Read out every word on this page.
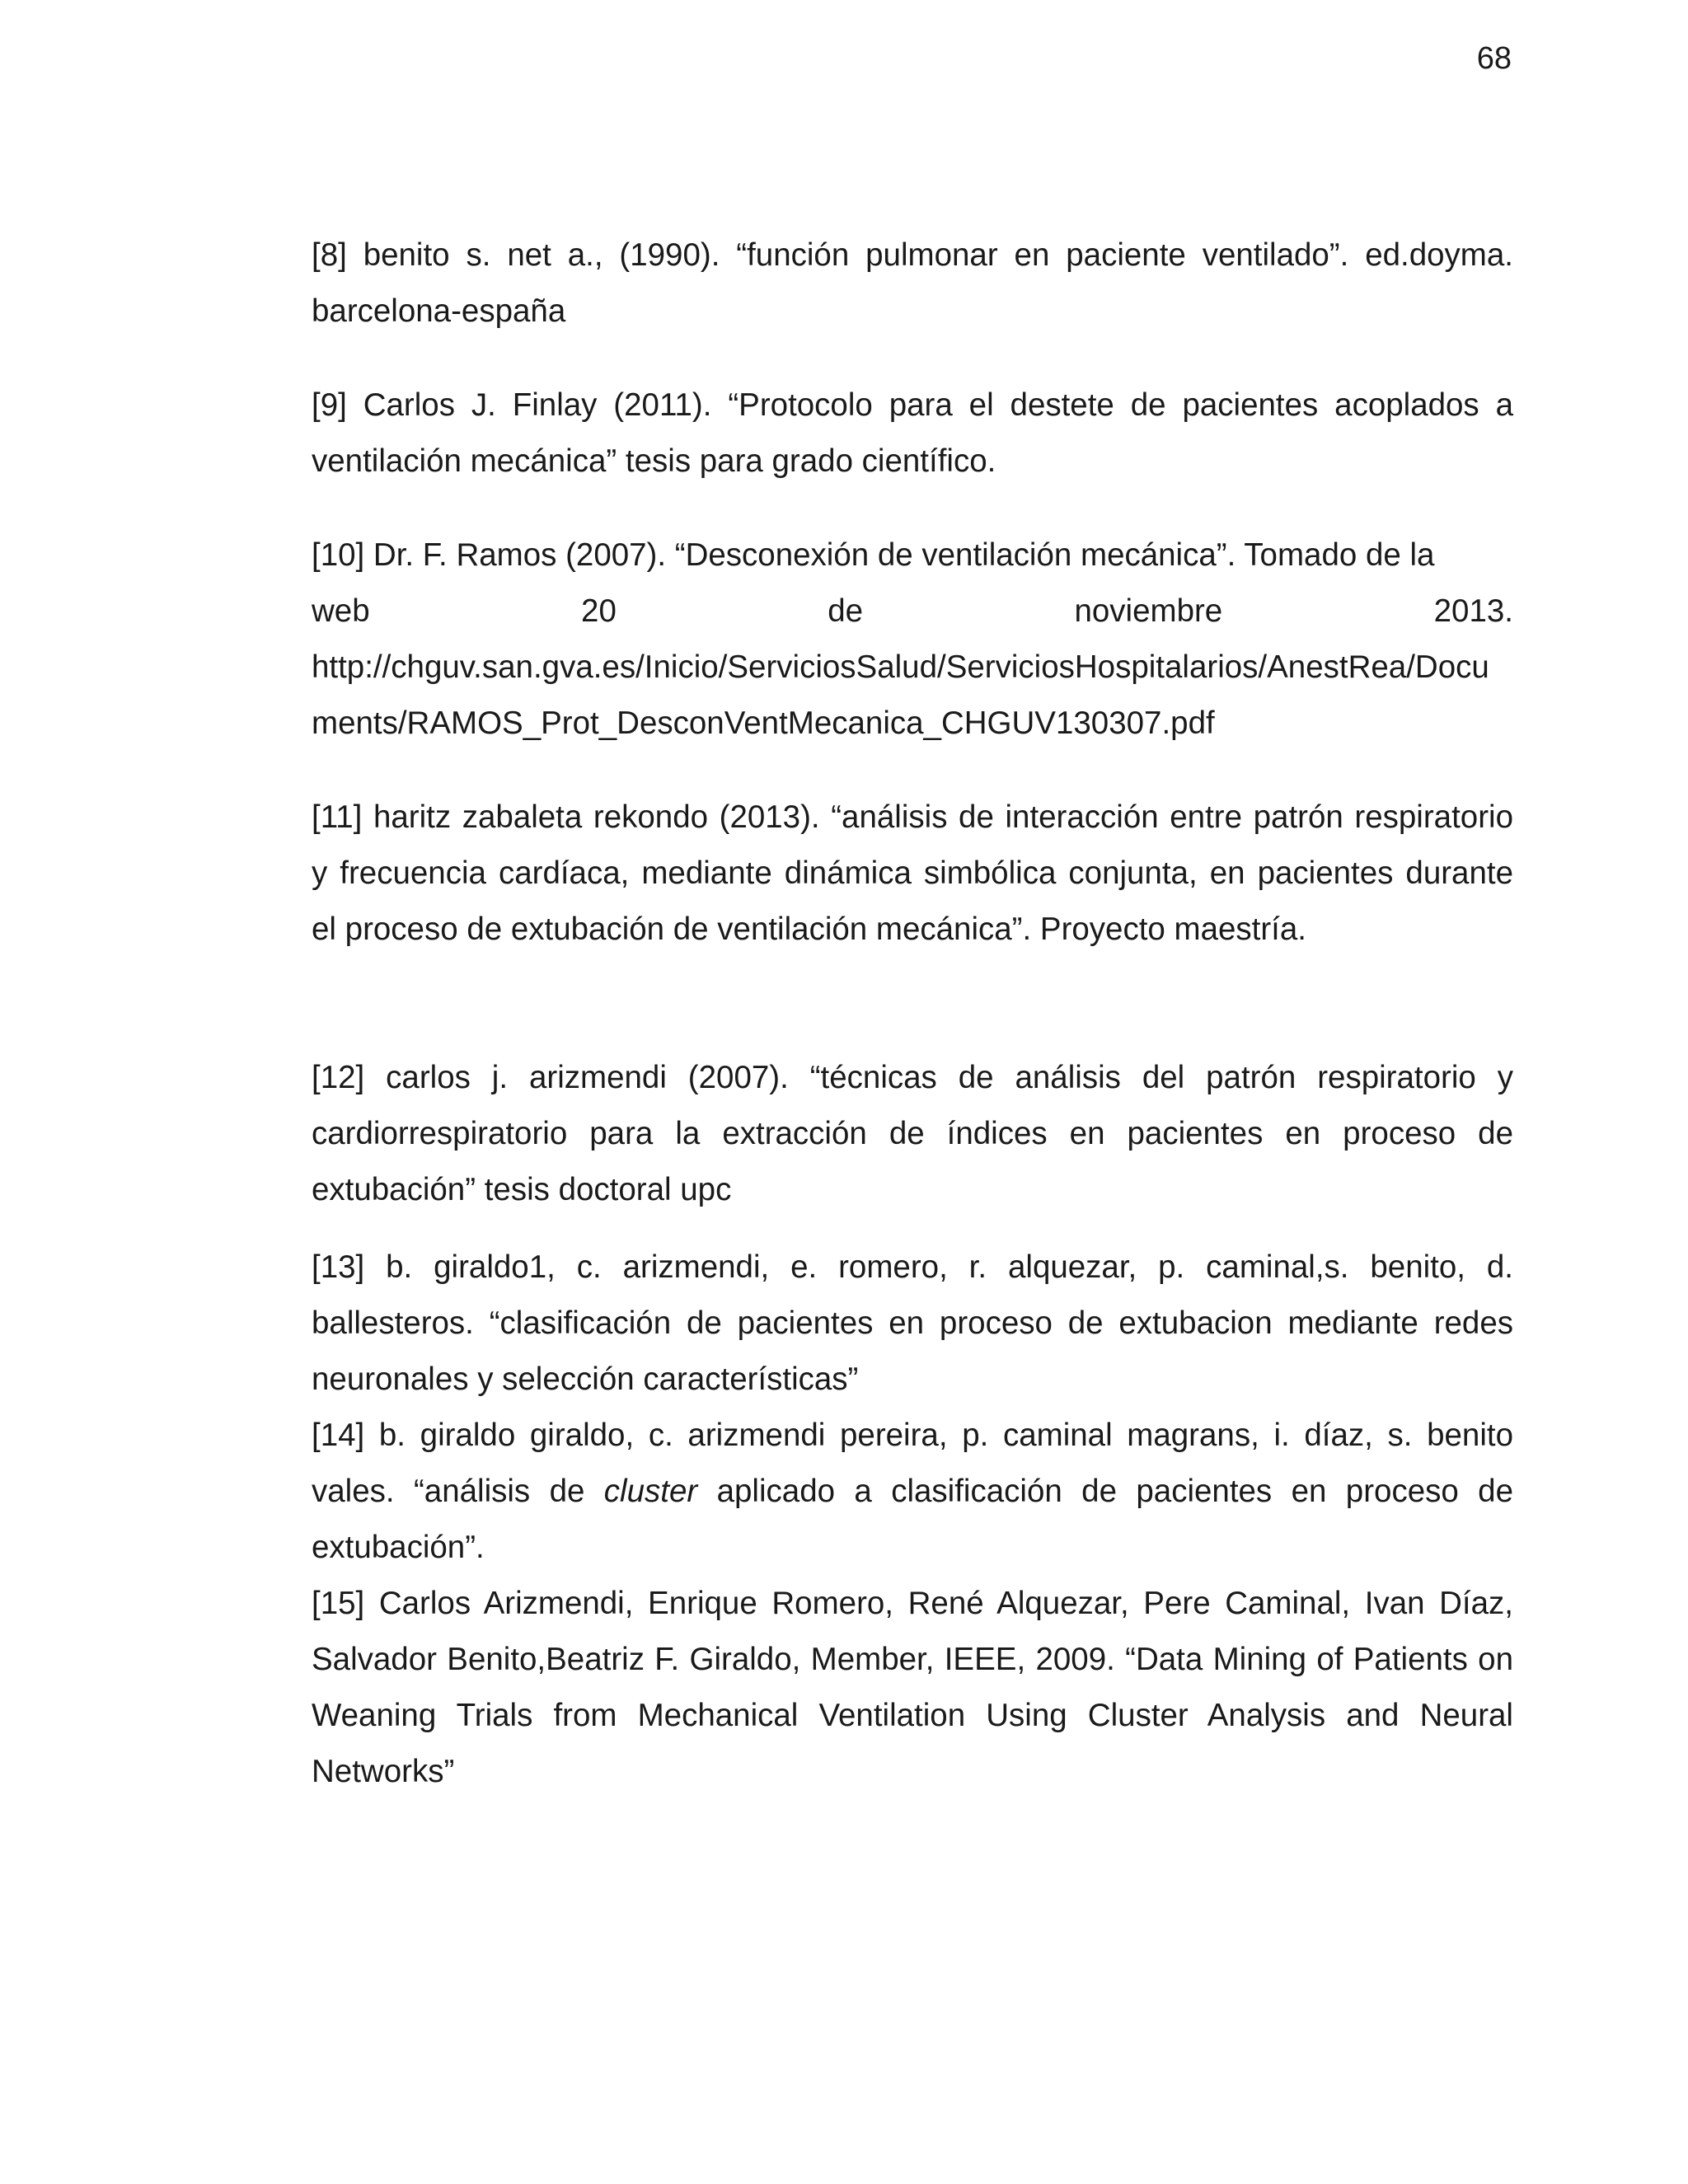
68

[8] benito s. net a., (1990). “función pulmonar en paciente ventilado”. ed.doyma. barcelona-españa

[9] Carlos J. Finlay (2011). “Protocolo para el destete de pacientes acoplados a ventilación mecánica” tesis para grado científico.

[10] Dr. F. Ramos (2007). “Desconexión de ventilación mecánica”. Tomado de la

web	20	de	noviembre	2013.

http://chguv.san.gva.es/Inicio/ServiciosSalud/ServiciosHospitalarios/AnestRea/Documents/RAMOS_Prot_DesconVentMecanica_CHGUV130307.pdf

[11] haritz zabaleta rekondo (2013). “análisis de interacción entre patrón respiratorio y frecuencia cardíaca, mediante dinámica simbólica conjunta, en pacientes durante el proceso de extubación de ventilación mecánica”. Proyecto maestría.

[12] carlos j. arizmendi (2007). “técnicas de análisis del patrón respiratorio y cardiorrespiratorio para la extracción de índices en pacientes en proceso de extubación” tesis doctoral upc

[13] b. giraldo1, c. arizmendi, e. romero, r. alquezar, p. caminal,s. benito, d. ballesteros. “clasificación de pacientes en proceso de extubacion mediante redes neuronales y selección características”

[14] b. giraldo giraldo, c. arizmendi pereira, p. caminal magrans, i. díaz, s. benito vales. “análisis de cluster aplicado a clasificación de pacientes en proceso de extubación”.

[15] Carlos Arizmendi, Enrique Romero, René Alquezar, Pere Caminal, Ivan Díaz, Salvador Benito,Beatriz F. Giraldo, Member, IEEE, 2009. “Data Mining of Patients on Weaning Trials from Mechanical Ventilation Using Cluster Analysis and Neural Networks”
